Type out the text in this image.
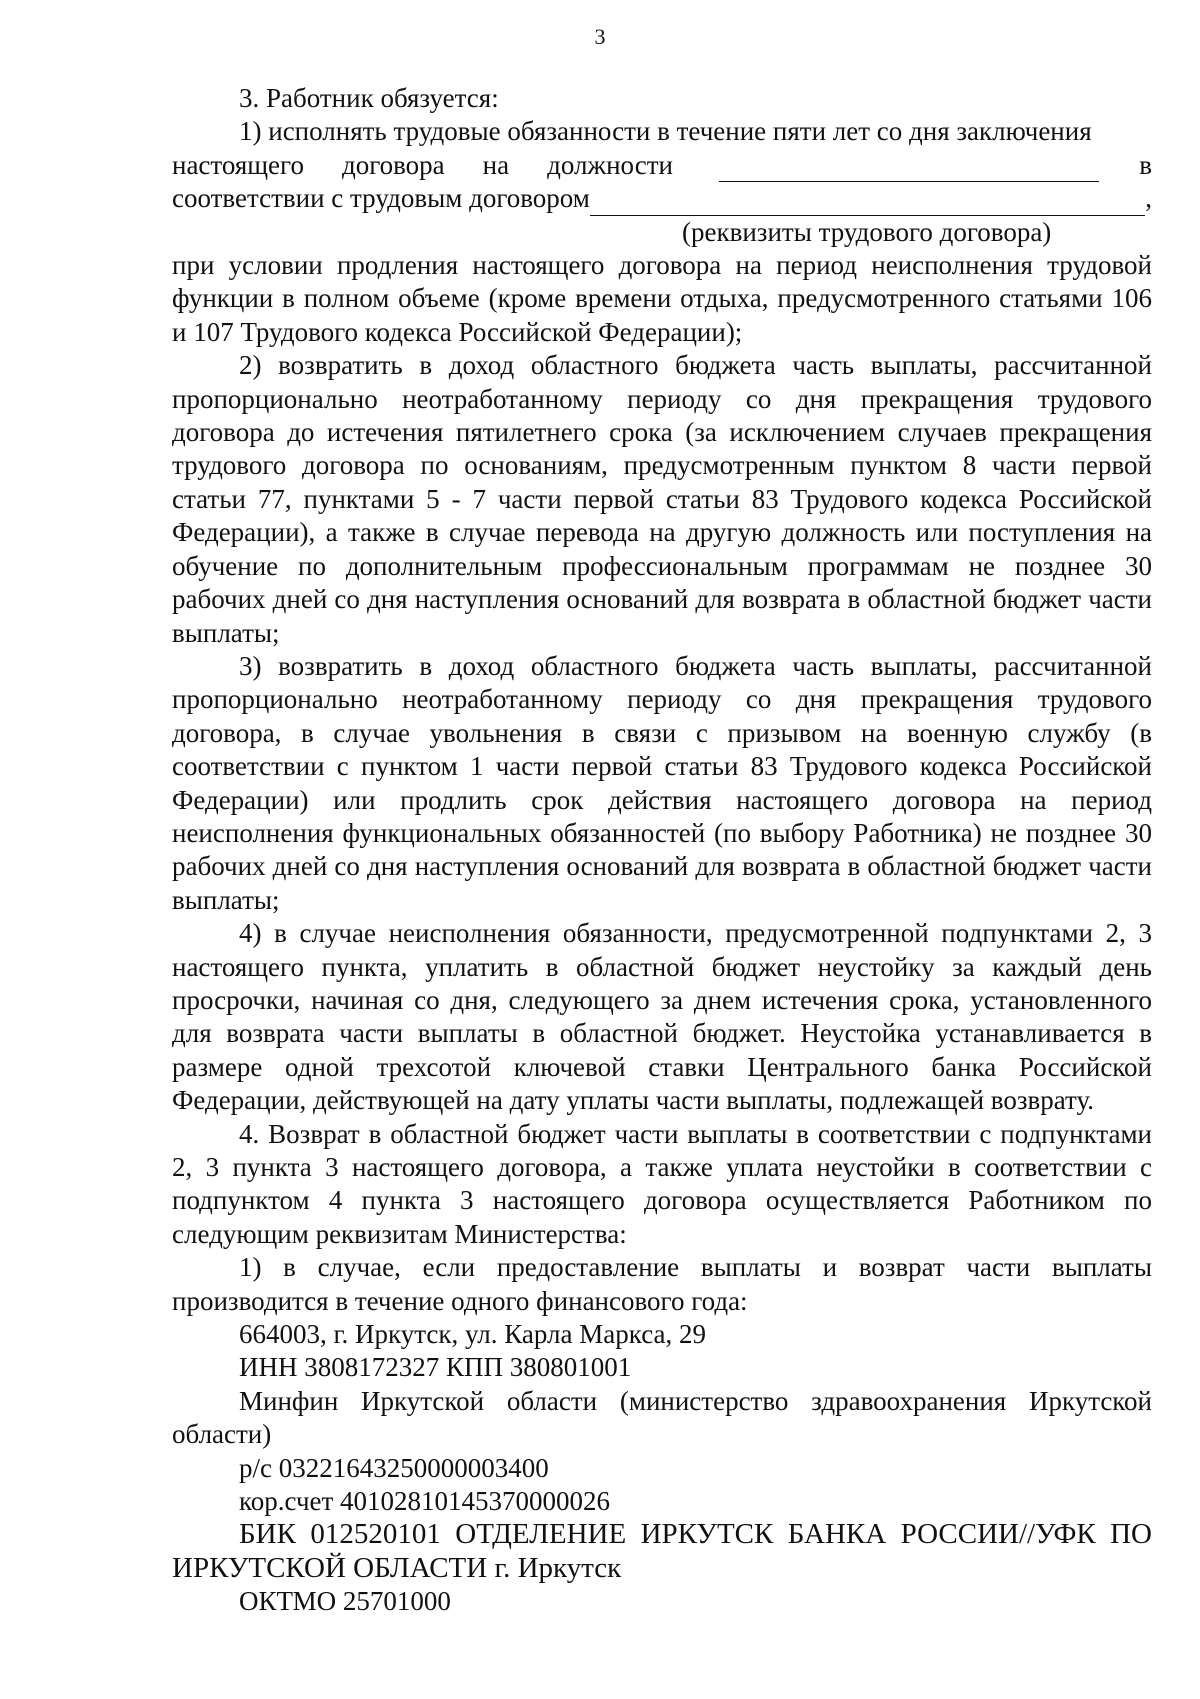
3

3. Работник обязуется:

1) исполнять трудовые обязанности в течение пяти лет со дня заключения

настоящего договора на должности	в
соответствии с трудовым договором	,

(реквизиты трудового договора)

при условии продления настоящего договора на период неисполнения трудовой функции в полном объеме (кроме времени отдыха, предусмотренного статьями 106 и 107 Трудового кодекса Российской Федерации);

2) возвратить в доход областного бюджета часть выплаты, рассчитанной пропорционально неотработанному периоду со дня прекращения трудового договора до истечения пятилетнего срока (за исключением случаев прекращения трудового договора по основаниям, предусмотренным пунктом 8 части первой статьи 77, пунктами 5 - 7 части первой статьи 83 Трудового кодекса Российской Федерации), а также в случае перевода на другую должность или поступления на обучение по дополнительным профессиональным программам не позднее 30 рабочих дней со дня наступления оснований для возврата в областной бюджет части выплаты;

3) возвратить в доход областного бюджета часть выплаты, рассчитанной пропорционально неотработанному периоду со дня прекращения трудового договора, в случае увольнения в связи с призывом на военную службу (в соответствии с пунктом 1 части первой статьи 83 Трудового кодекса Российской Федерации) или продлить срок действия настоящего договора на период неисполнения функциональных обязанностей (по выбору Работника) не позднее 30 рабочих дней со дня наступления оснований для возврата в областной бюджет части выплаты;

4) в случае неисполнения обязанности, предусмотренной подпунктами 2, 3 настоящего пункта, уплатить в областной бюджет неустойку за каждый день просрочки, начиная со дня, следующего за днем истечения срока, установленного для возврата части выплаты в областной бюджет. Неустойка устанавливается в размере одной трехсотой ключевой ставки Центрального банка Российской Федерации, действующей на дату уплаты части выплаты, подлежащей возврату.

4. Возврат в областной бюджет части выплаты в соответствии с подпунктами 2, 3 пункта 3 настоящего договора, а также уплата неустойки в соответствии с подпунктом 4 пункта 3 настоящего договора осуществляется Работником по следующим реквизитам Министерства:

1) в случае, если предоставление выплаты и возврат части выплаты производится в течение одного финансового года:

664003, г. Иркутск, ул. Карла Маркса, 29

ИНН 3808172327 КПП 380801001

Минфин Иркутской области (министерство здравоохранения Иркутской области)

р/с 03221643250000003400

кор.счет 40102810145370000026

БИК 012520101 ОТДЕЛЕНИЕ ИРКУТСК БАНКА РОССИИ//УФК ПО ИРКУТСКОЙ ОБЛАСТИ г. Иркутск

ОКТМО 25701000
